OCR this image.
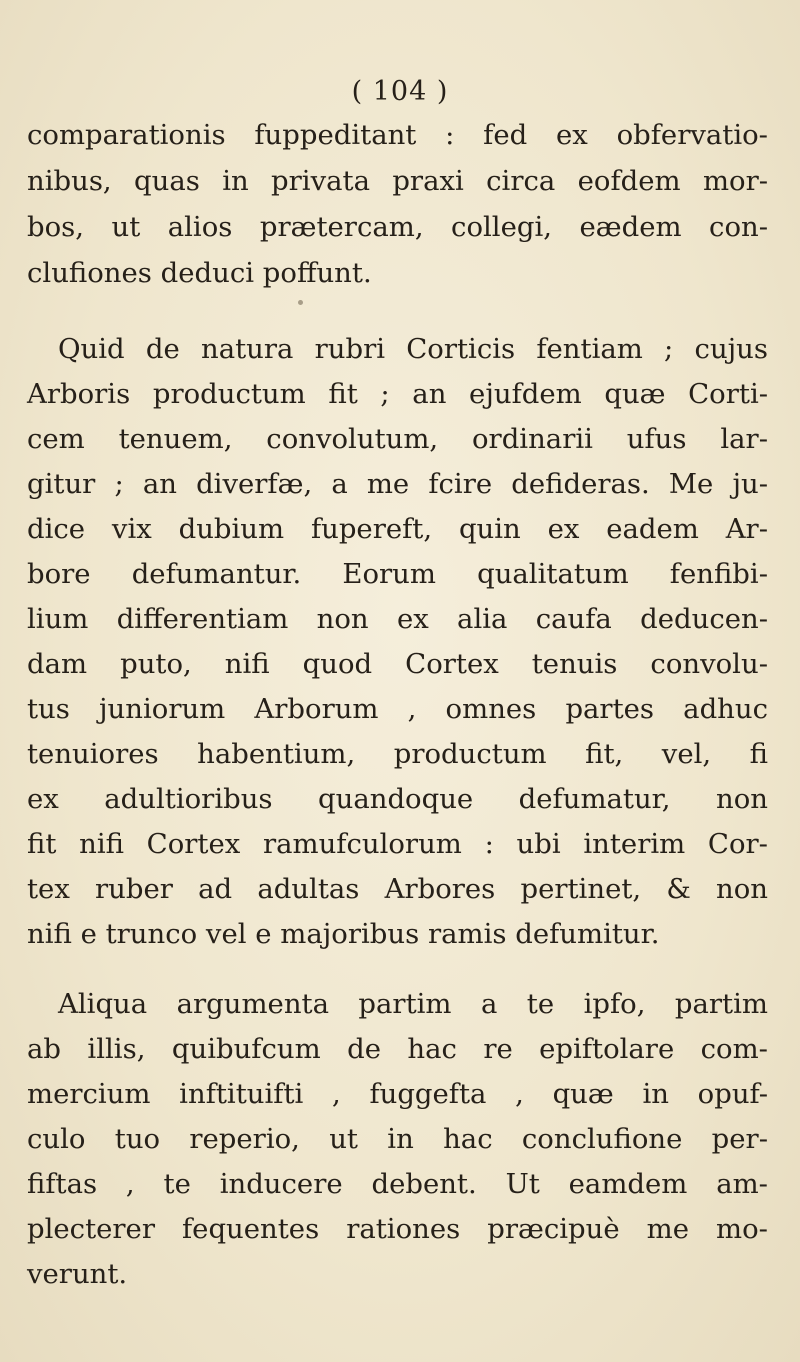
( 104 )
comparationis fuppeditant : fed ex obfervatio-
nibus, quas in privata praxi circa eofdem mor-
bos, ut alios prætercam, collegi, eædem con-
clufiones deduci poffunt.
Quid de natura rubri Corticis fentiam ; cujus
Arboris productum fit ; an ejufdem quæ Corti-
cem tenuem, convolutum, ordinarii ufus lar-
gitur ; an diverfæ, a me fcire defideras. Me ju-
dice vix dubium fupereft, quin ex eadem Ar-
bore defumantur. Eorum qualitatum fenfibi-
lium differentiam non ex alia caufa deducen-
dam puto, nifi quod Cortex tenuis convolu-
tus juniorum Arborum , omnes partes adhuc
tenuiores habentium, productum fit, vel, fi
ex adultioribus quandoque defumatur, non
fit nifi Cortex ramufculorum : ubi interim Cor-
tex ruber ad adultas Arbores pertinet, & non
nifi e trunco vel e majoribus ramis defumitur.
Aliqua argumenta partim a te ipfo, partim
ab illis, quibufcum de hac re epiftolare com-
mercium inftituifti , fuggefta , quæ in opuf-
culo tuo reperio, ut in hac conclufione per-
fiftas , te inducere debent. Ut eamdem am-
plecterer fequentes rationes præcipuè me mo-
verunt.
